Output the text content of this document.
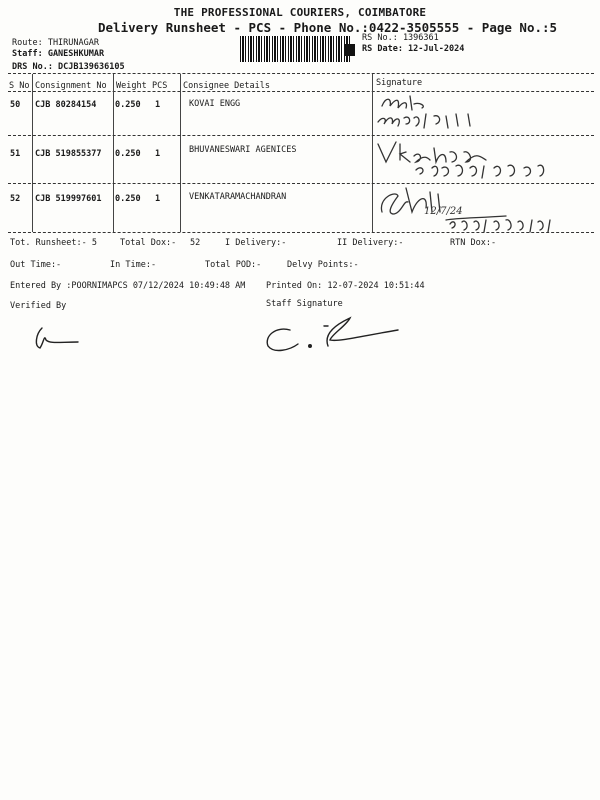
THE PROFESSIONAL COURIERS, COIMBATORE
Delivery Runsheet - PCS - Phone No.:0422-3505555 - Page No.:5
Route: THIRUNAGAR
Staff: GANESHKUMAR
DRS No.: DCJB139636105
RS No.: 1396361
RS Date: 12-Jul-2024
S No Consignment No Weight PCS Consignee Details	Signature
50 CJB 80284154 0.250 1	KOVAI ENGG
51 CJB 519855377 0.250 1	BHUVANESWARI AGENICES
52 CJB 519997601 0.250 1	VENKATARAMACHANDRAN
12/7/24
Tot. Runsheet:- 5	Total Dox:- 52	I Delivery:-	II Delivery:-	RTN Dox:-
Out Time:-	In Time:-	Total POD:-	Delvy Points:-
Entered By :POORNIMAPCS 07/12/2024 10:49:48 AM Printed On: 12-07-2024 10:51:44
Verified By	Staff Signature
